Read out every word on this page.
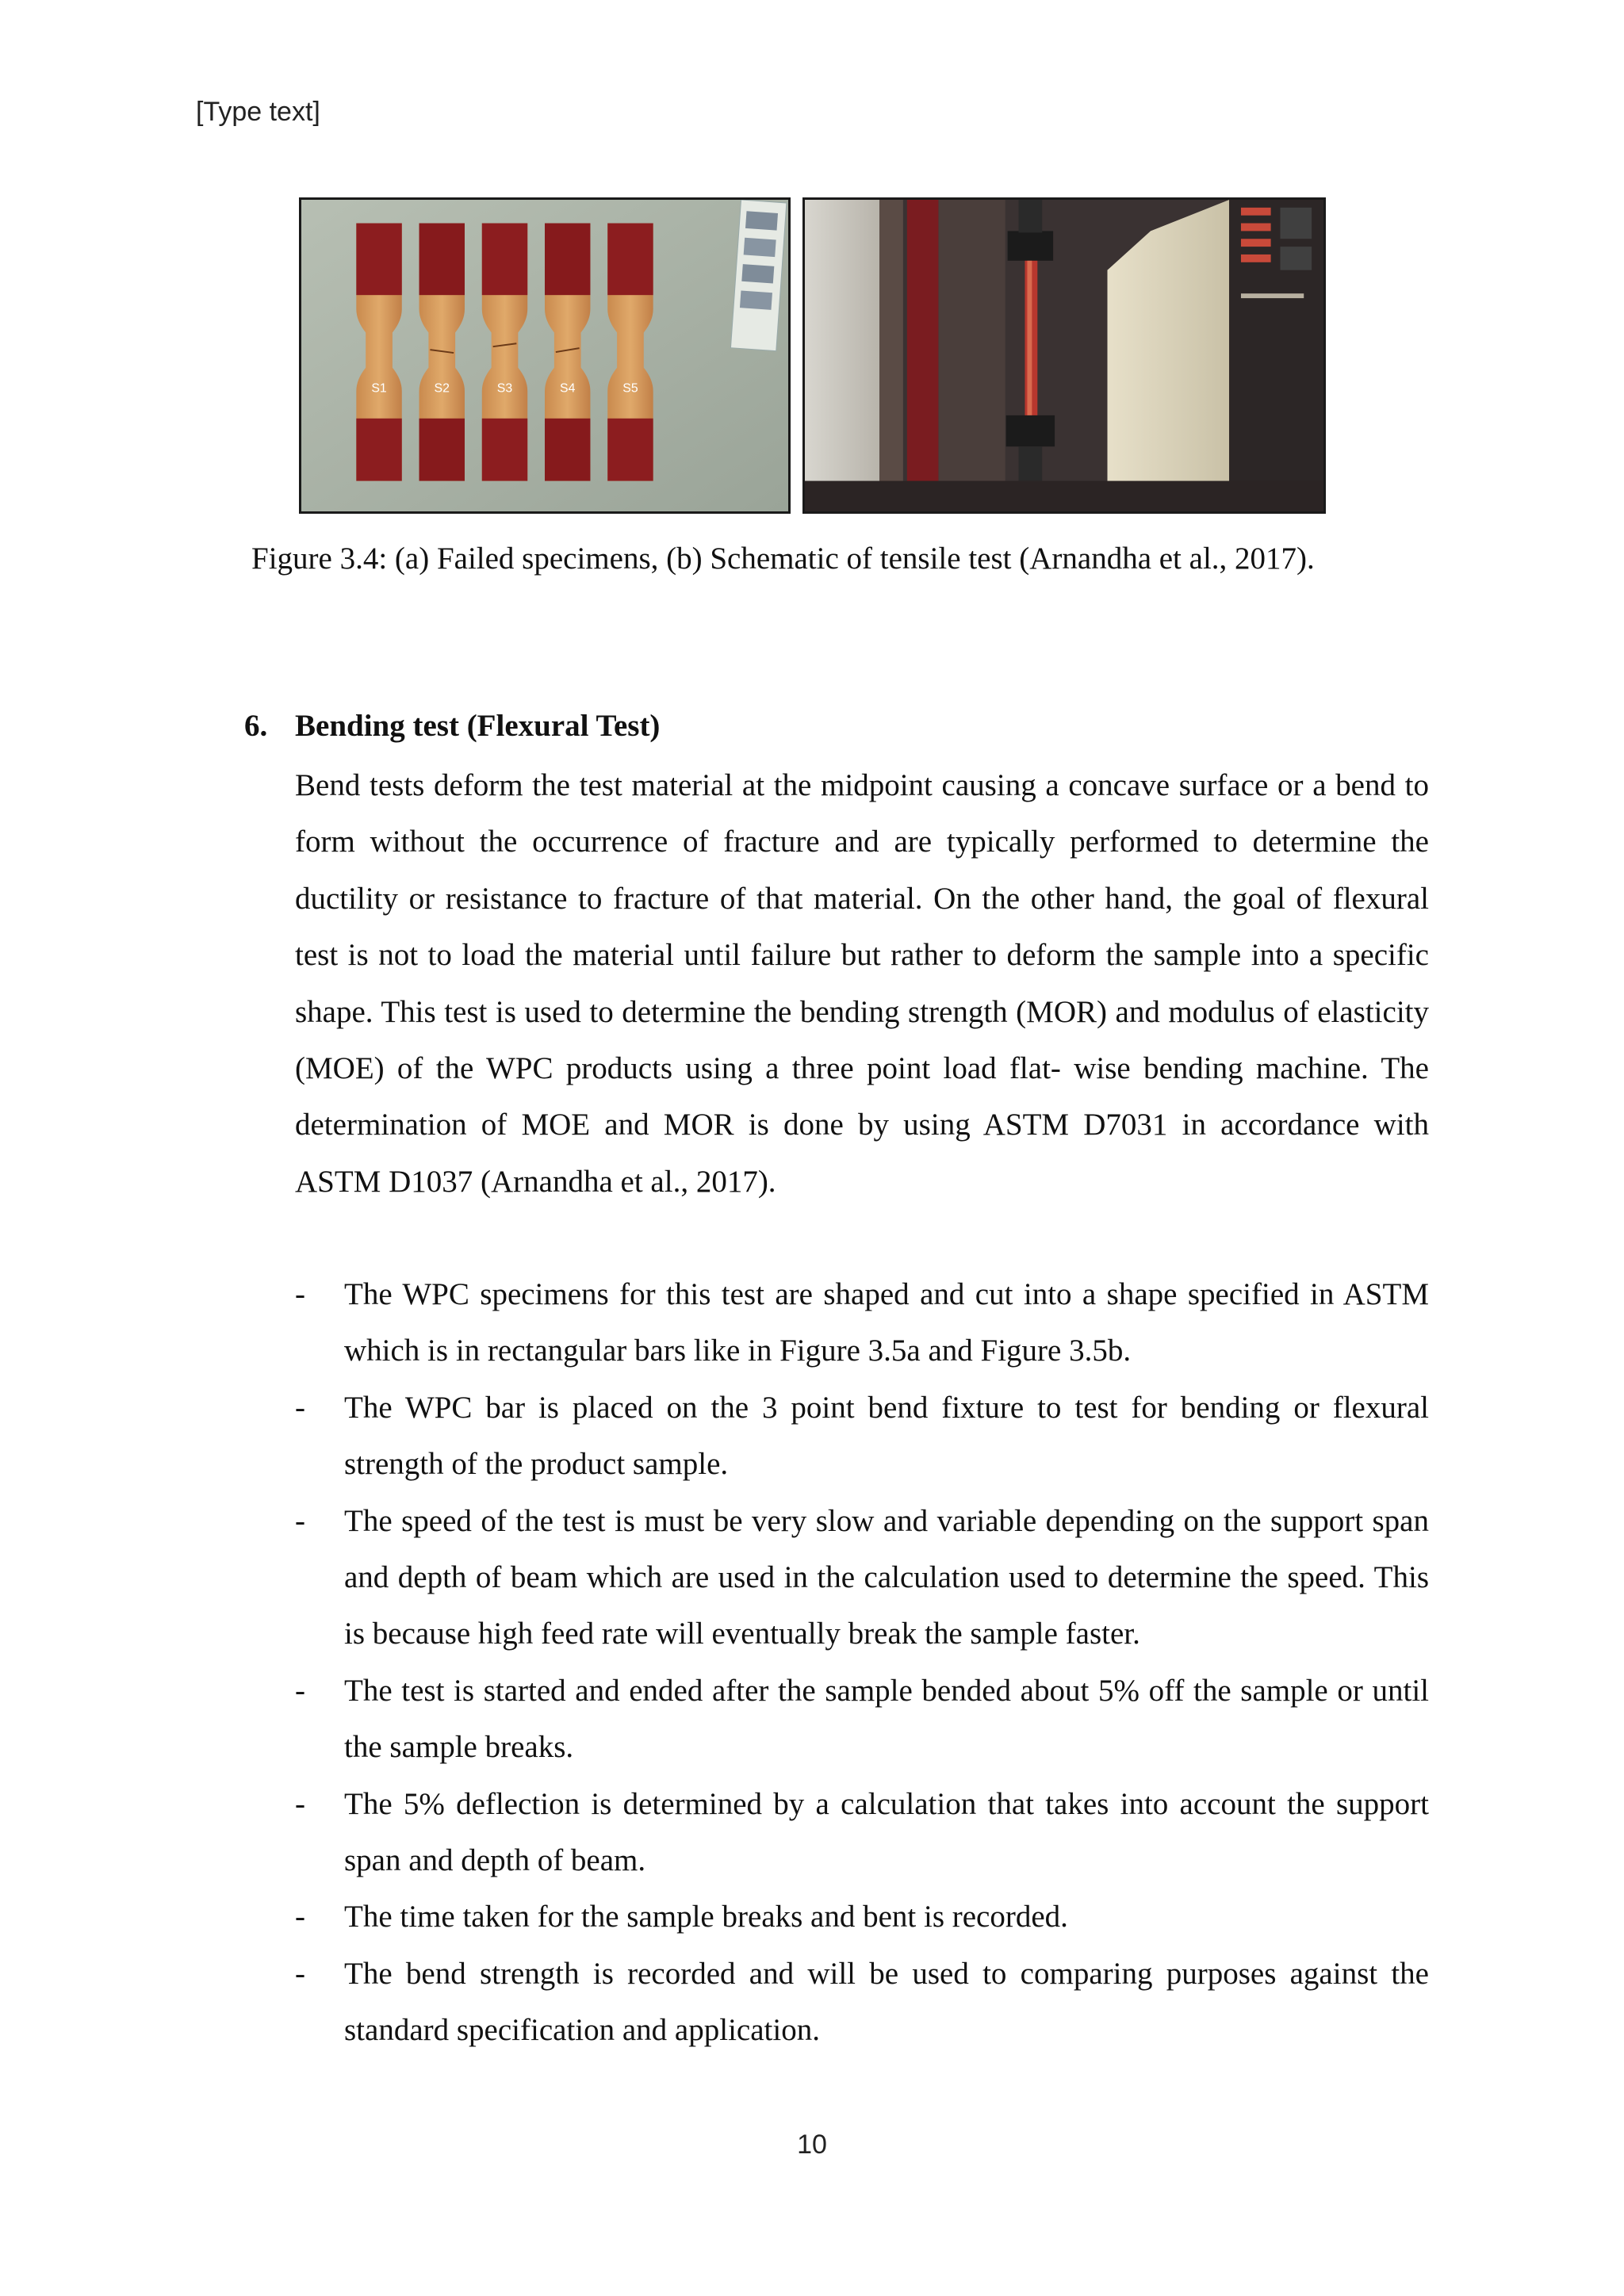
[Type text]
S1	S2	S3	S4	S5
Figure 3.4: (a) Failed specimens, (b) Schematic of tensile test (Arnandha et al., 2017).
6. Bending test (Flexural Test)

Bend tests deform the test material at the midpoint causing a concave surface or a bend to form without the occurrence of fracture and are typically performed to determine the ductility or resistance to fracture of that material. On the other hand, the goal of flexural test is not to load the material until failure but rather to deform the sample into a specific shape. This test is used to determine the bending strength (MOR) and modulus of elasticity (MOE) of the WPC products using a three point load flat- wise bending machine. The determination of MOE and MOR is done by using ASTM D7031 in accordance with ASTM D1037 (Arnandha et al., 2017).

- The WPC specimens for this test are shaped and cut into a shape specified in ASTM which is in rectangular bars like in Figure 3.5a and Figure 3.5b.
- The WPC bar is placed on the 3 point bend fixture to test for bending or flexural strength of the product sample.
- The speed of the test is must be very slow and variable depending on the support span and depth of beam which are used in the calculation used to determine the speed. This is because high feed rate will eventually break the sample faster.
- The test is started and ended after the sample bended about 5% off the sample or until the sample breaks.
- The 5% deflection is determined by a calculation that takes into account the support span and depth of beam.
- The time taken for the sample breaks and bent is recorded.
- The bend strength is recorded and will be used to comparing purposes against the standard specification and application.
10
